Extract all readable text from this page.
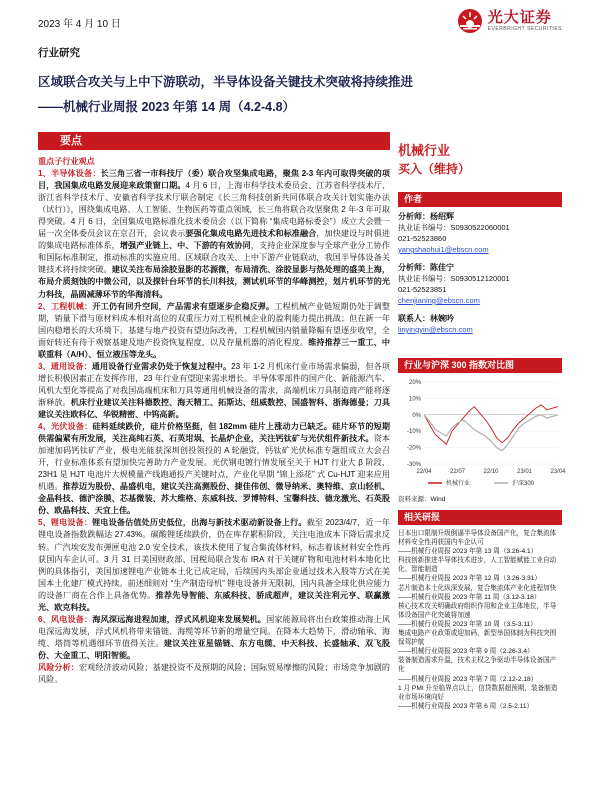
2023 年 4 月 10 日	光大证券
EVERBRIGHT SECURITIES
行业研究
区域联合攻关与上中下游联动，半导体设备关键技术突破将持续推进
——机械行业周报 2023 年第 14 周（4.2-4.8）
要点

重点子行业观点

1、半导体设备：长三角三省一市科技厅（委）联合攻坚集成电路，聚焦 2-3 年内可取得突破的项目，我国集成电路发展迎来政策窗口期。4 月 6 日，上海市科学技术委员会、江苏省科学技术厅、浙江省科学技术厅、安徽省科学技术厅联合制定《长三角科技创新共同体联合攻关计划实施办法（试行）》，围绕集成电路、人工智能、生物医药等重点领域，长三角将联合攻坚聚焦 2 年-3 年可取得突破。4 月 6 日，全国集成电路标准化技术委员会（以下简称 “集成电路标委会”）成立大会暨一届一次全体委员会议在京召开，会议表示要强化集成电路先进技术和标准融合，加快建设与时俱进的集成电路标准体系，增强产业链上、中、下游的有效协同，支持企业深度参与全球产业分工协作和国际标准制定，推动标准的实施应用。区域联合攻关、上中下游产业链联动，我国半导体设备关键技术将持续突破。建议关注布局涂胶显影的芯源微，布局清洗、涂胶显影与热处理的盛美上海，布局介质刻蚀的中微公司，以及探针台环节的长川科技，测试机环节的华峰测控，划片机环节的光力科技，晶圆减薄环节的华海清科。

2、工程机械：开工仍有回升空间，产品需求有望逐步企稳反弹。工程机械产业链短期仍处于调整期，销量下滑与原材料成本相对高位的双重压力对工程机械企业的盈利能力提出挑战；但在新一年国内稳增长的大环境下，基建与地产投资有望边际改善，工程机械国内销量降幅有望逐步收窄，全面好转还有待于观察基建及地产投资恢复程度，以及存量机器的消化程度。维持推荐三一重工、中联重科（A/H）、恒立液压等龙头。

3、通用设备：通用设备行业需求仍处于恢复过程中。23 年 1-2 月机床行业市场需求偏弱，但各项增长积极因素正在发挥作用，23 年行业有望迎来需求增长。半导体零部件的国产化、新能源汽车、风机大型化等提高了对我国高端机床和刀具等通用机械设备的需求，高端机床刀具制造商产能将逐渐释放。机床行业建议关注科德数控、海天精工、拓斯达、纽威数控、国盛智科、浙海德曼；刀具建议关注欧科亿、华锐精密、中钨高新。

4、光伏设备：硅料延续跌价，硅片价格坚挺，但 182mm 硅片上涨动力已缺乏。硅片环节的短期供需偏紧有所发展，关注高纯石英、石英坩埚、长晶炉企业，关注钙钛矿与光伏组件新技术。资本加速加码钙钛矿产业，极电光能获深圳创投领投的 A 轮融资，钙钛矿光伏标准专题组成立大会召开，行业标准体系有望加快完善助力产业发展。光伏钢电镀行情发展至关于 HJT 行业大 β 阶段，23H1 是 HJT 电池片大规模量产线跑通投产关键时点，产业化早期 “锦上添花” 式 Cu-HJT 迎来应用机遇。推荐迈为股份、晶盛机电，建议关注高测股份、捷佳伟创、微导纳米、奥特维、京山轻机、金晶科技、德沪涂膜、芯基微装、苏大维格、东威科技、罗博特科、宝馨科技、德龙激光、石英股份、欧晶科技、天宜上佳。

5、锂电设备：锂电设备估值处历史低位，出海与新技术驱动新设备上行。截至 2023/4/7，近一年锂电设备指数跌幅达 27.43%。碳酸锂延续跌价，仍在库存累积阶段，关注电池成本下降后需求反转。广汽埃安发布弹匣电池 2.0 安全技术，该技术使用了复合集流体材料，标志着该材料安全性再获国内车企认可。3 月 31 日美国财政部、国税局联合发布 IRA 对于关键矿物和电池材料本地化比例的具体指引，美国加速锂电产业链本土化已成定局，后续国内头部企业通过技术入股等方式在美国本土化建厂模式持续。前述细则对 “生产制造母机” 锂电设备并无限制，国内具备全球化供应能力的设备厂商在合作上具备优势。推荐先导智能、东威科技、骄成超声，建议关注利元亨、联赢激光、欧克科技。

6、风电设备：海风深远海进程加速，浮式风机迎来发展契机。国家能源局将出台政策推动海上风电深远海发展，浮式风机将带来锚链、海缆等环节新的增量空间。在降本大趋势下，滑动轴承、海缆、塔筒等机遇细环节值得关注。建议关注亚星锚链、东方电缆、中天科技、长盛轴承、双飞股份、大金重工、明阳智能。

风险分析：宏观经济波动风险；基建投资不及预期的风险；国际贸易摩擦的风险；市场竞争加剧的风险。

机械行业
买入（维持）
作者
分析师：杨绍辉
执业证书编号：S0930522060001
021-52523860
yangshaohui1@ebscn.com
分析师：陈佳宁
执业证书编号：S0930512120001
021-52523851
chenjianing@ebscn.com
联系人：林婉吟
linyingyin@ebscn.com
行业与沪深 300 指数对比图
20%
10%
0%
-10%
-20%
-30%
22/04	22/07	22/10	23/01	23/04
机械行业	沪深300
资料来源：Wind
相关研报
日本出口限制升级倒逼半导体设备国产化，复合集流体材料安全性再获国内车企认可
——机械行业周报 2023 年第 13 周（3.26-4.1）
科技创新推进半导体技术进步，人工智能赋能工业自动化、智能制造
——机械行业周报 2023 年第 12 周（3.26-3.31）
芯片制造本土化纵深发展，复合集流体产业化进程加快
——机械行业周报 2023 年第 11 周（3.12-3.18）
核心技术攻关明确政府组织作用和企业主体地位，半导体设备国产化突破将加速
——机械行业周报 2023 年第 10 周（3.5-3.11）
集成电路产业政策或迎加码，新型举国体制为科技突围保驾护航
——机械行业周报 2023 年第 9 周（2.26-3.4）
装备制造需求升温，技术主权之争驱动半导体设备国产化
——机械行业周报 2023 年第 7 周（2.12-2.18）
1 月 PMI 升至临界点以上，信贷数据超预期，装备制造业市场环境向好
——机械行业周报 2023 年第 6 周（2.5-2.11）
